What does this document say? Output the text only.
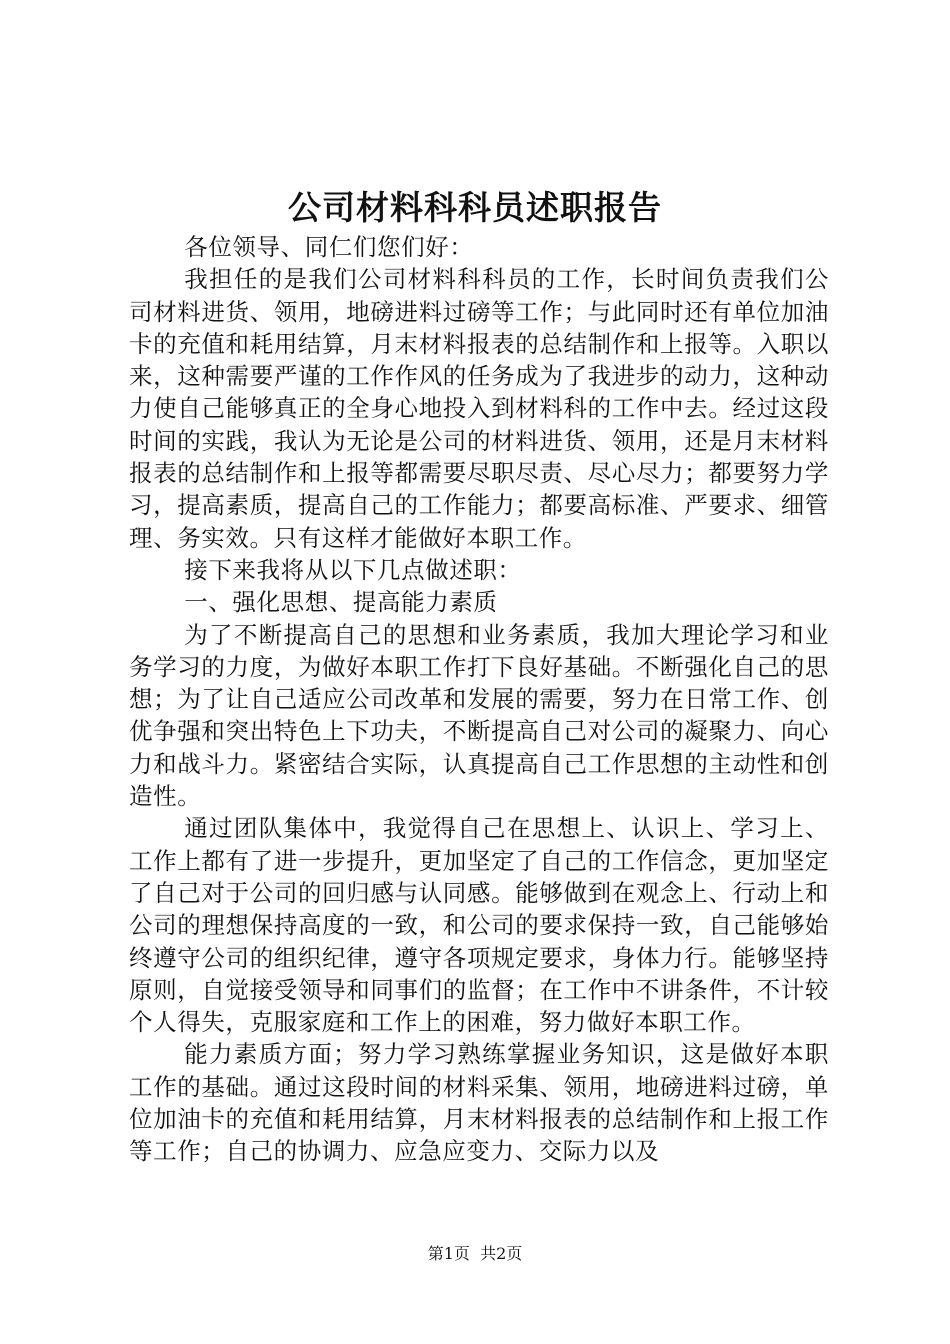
公司材料科科员述职报告

各位领导、同仁们您们好：

我担任的是我们公司材料科科员的工作，长时间负责我们公司材料进货、领用，地磅进料过磅等工作；与此同时还有单位加油卡的充值和耗用结算，月末材料报表的总结制作和上报等。入职以来，这种需要严谨的工作作风的任务成为了我进步的动力，这种动力使自己能够真正的全身心地投入到材料科的工作中去。经过这段时间的实践，我认为无论是公司的材料进货、领用，还是月末材料报表的总结制作和上报等都需要尽职尽责、尽心尽力；都要努力学习，提高素质，提高自己的工作能力；都要高标准、严要求、细管理、务实效。只有这样才能做好本职工作。

接下来我将从以下几点做述职：

一、强化思想、提高能力素质

为了不断提高自己的思想和业务素质，我加大理论学习和业务学习的力度，为做好本职工作打下良好基础。不断强化自己的思想；为了让自己适应公司改革和发展的需要，努力在日常工作、创优争强和突出特色上下功夫，不断提高自己对公司的凝聚力、向心力和战斗力。紧密结合实际，认真提高自己工作思想的主动性和创造性。

通过团队集体中，我觉得自己在思想上、认识上、学习上、工作上都有了进一步提升，更加坚定了自己的工作信念，更加坚定了自己对于公司的回归感与认同感。能够做到在观念上、行动上和公司的理想保持高度的一致，和公司的要求保持一致，自己能够始终遵守公司的组织纪律，遵守各项规定要求，身体力行。能够坚持原则，自觉接受领导和同事们的监督；在工作中不讲条件，不计较个人得失，克服家庭和工作上的困难，努力做好本职工作。

能力素质方面；努力学习熟练掌握业务知识，这是做好本职工作的基础。通过这段时间的材料采集、领用，地磅进料过磅，单位加油卡的充值和耗用结算，月末材料报表的总结制作和上报工作等工作；自己的协调力、应急应变力、交际力以及

第1页 共2页
